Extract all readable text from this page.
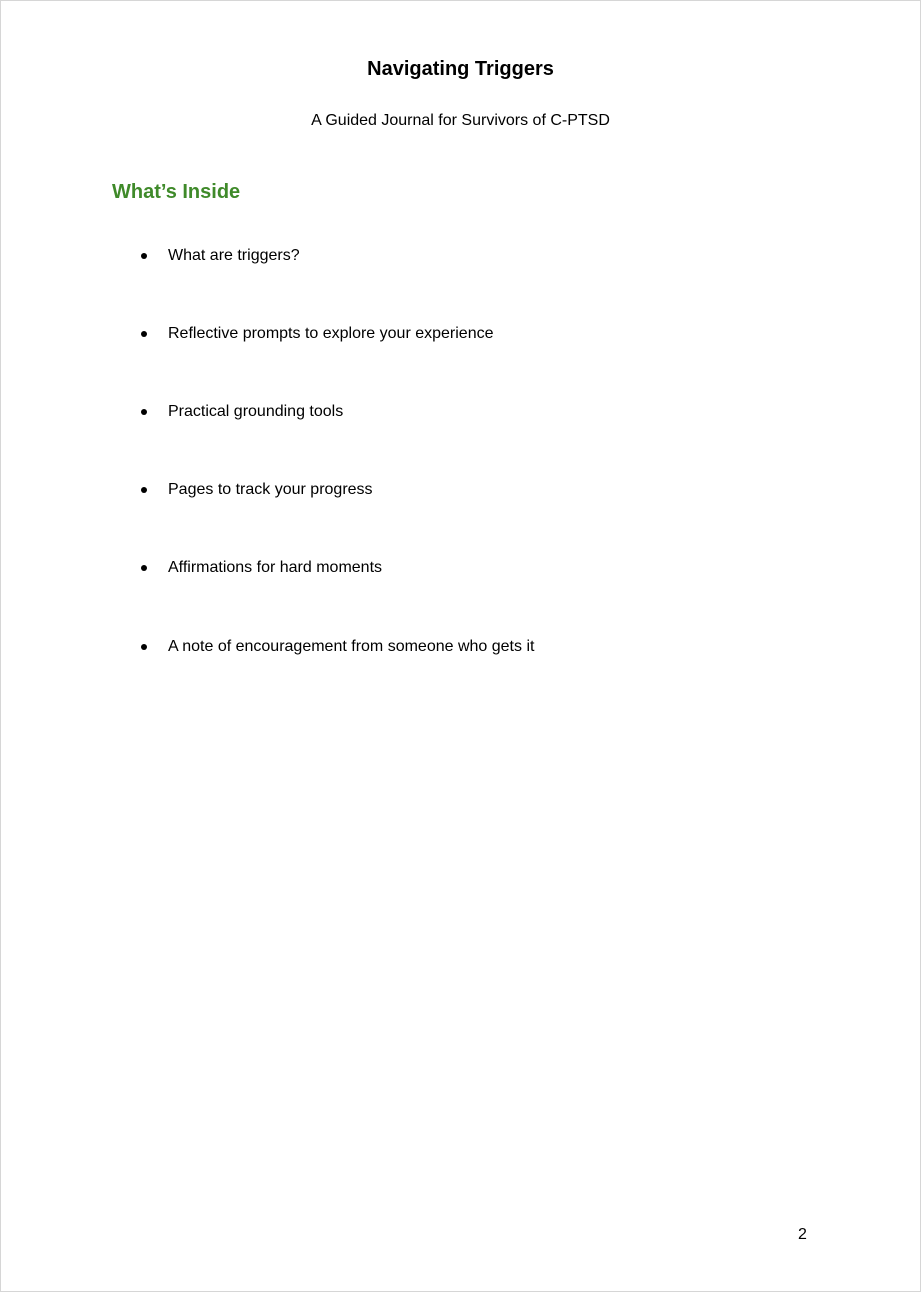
Navigating Triggers
A Guided Journal for Survivors of C-PTSD
What’s Inside
What are triggers?
Reflective prompts to explore your experience
Practical grounding tools
Pages to track your progress
Affirmations for hard moments
A note of encouragement from someone who gets it
2
